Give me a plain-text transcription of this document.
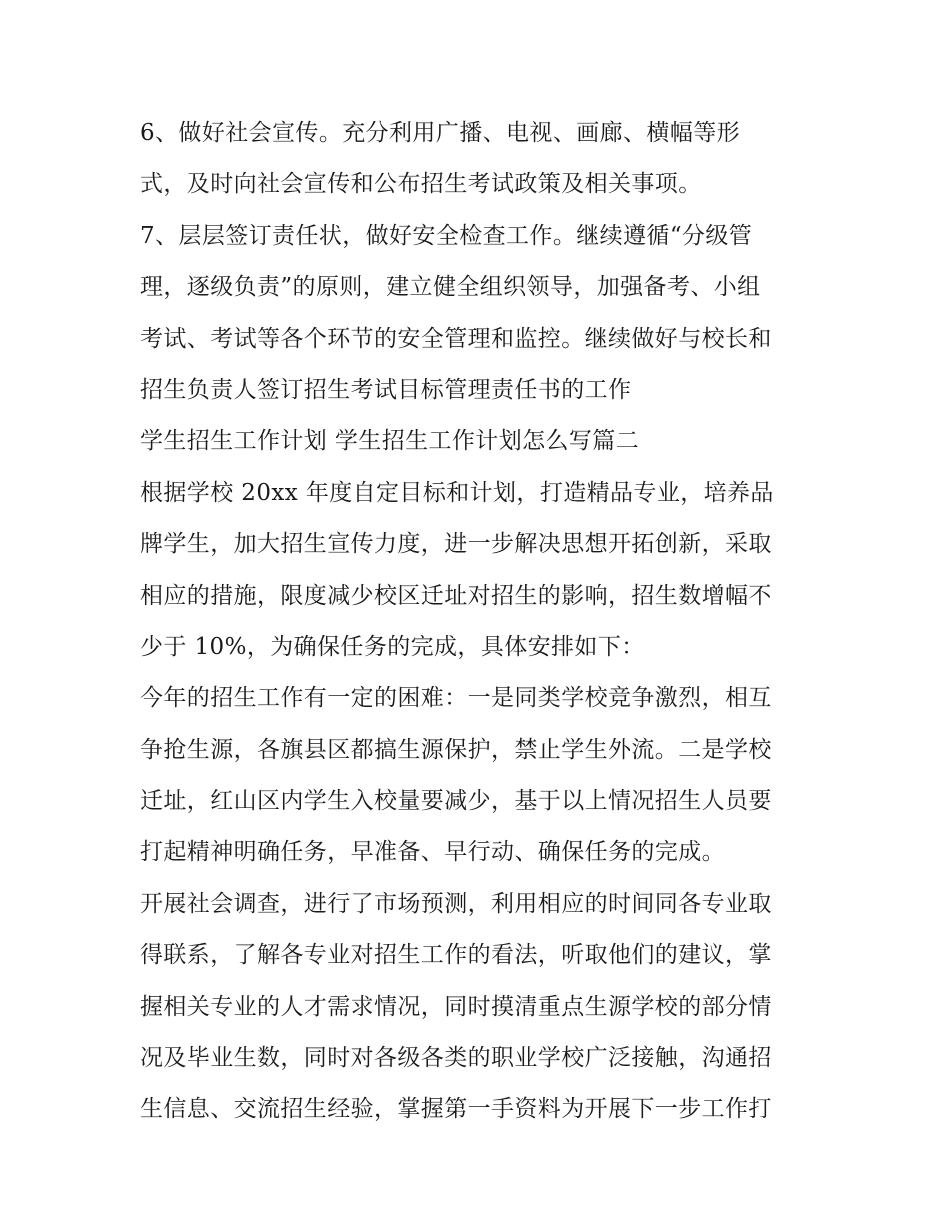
6、做好社会宣传。充分利用广播、电视、画廊、横幅等形
式，及时向社会宣传和公布招生考试政策及相关事项。
7、层层签订责任状，做好安全检查工作。继续遵循“分级管
理，逐级负责”的原则，建立健全组织领导，加强备考、小组
考试、考试等各个环节的安全管理和监控。继续做好与校长和
招生负责人签订招生考试目标管理责任书的工作
学生招生工作计划 学生招生工作计划怎么写篇二
根据学校 20xx 年度自定目标和计划，打造精品专业，培养品
牌学生，加大招生宣传力度，进一步解决思想开拓创新，采取
相应的措施，限度减少校区迁址对招生的影响，招生数增幅不
少于 10%，为确保任务的完成，具体安排如下：
今年的招生工作有一定的困难：一是同类学校竞争激烈，相互
争抢生源，各旗县区都搞生源保护，禁止学生外流。二是学校
迁址，红山区内学生入校量要减少，基于以上情况招生人员要
打起精神明确任务，早准备、早行动、确保任务的完成。
开展社会调查，进行了市场预测，利用相应的时间同各专业取
得联系，了解各专业对招生工作的看法，听取他们的建议，掌
握相关专业的人才需求情况，同时摸清重点生源学校的部分情
况及毕业生数，同时对各级各类的职业学校广泛接触，沟通招
生信息、交流招生经验，掌握第一手资料为开展下一步工作打
